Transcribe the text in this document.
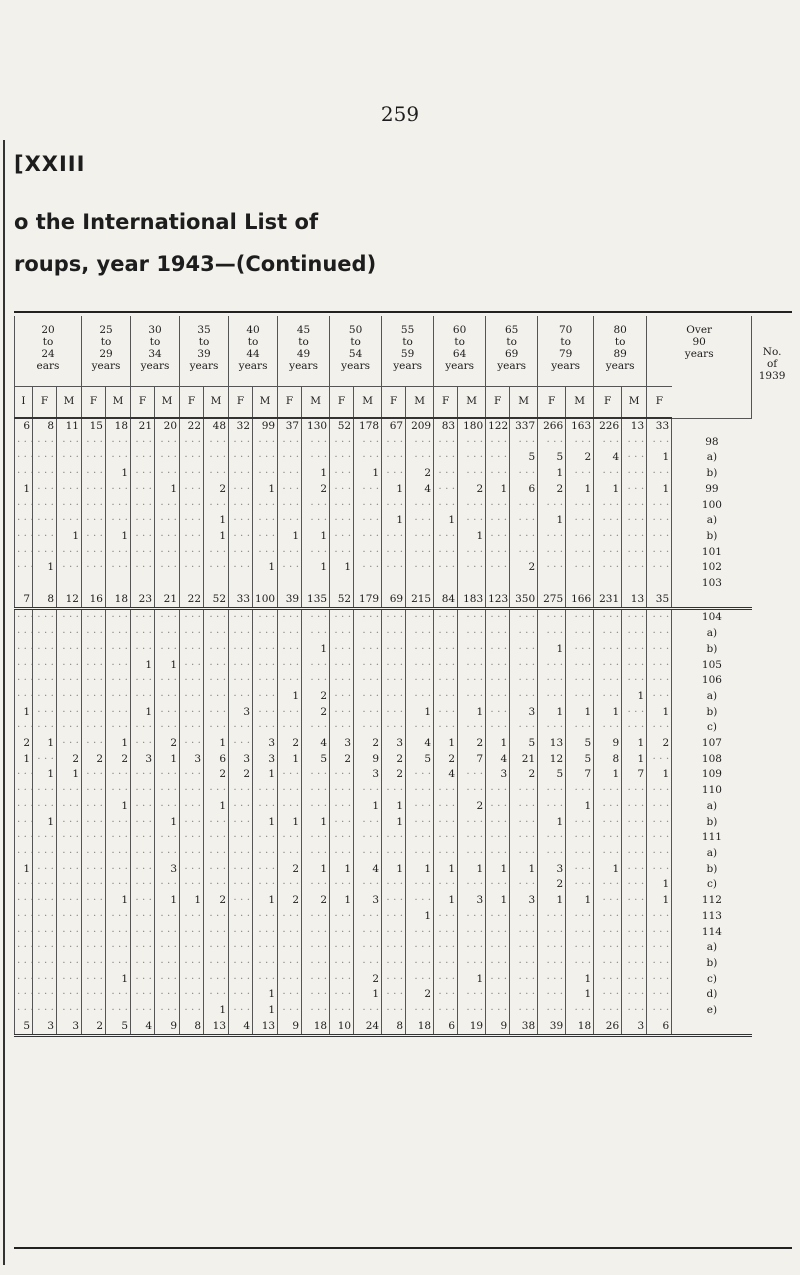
259
[XXIII
o the International List of
roups, year 1943—(Continued)
20
to
24
ears

25
to
29
years

30
to
34
years

35
to
39
years

40
to
44
years

45
to
49
years

50
to
54
years

55
to
59
years

60
to
64
years

65
to
69
years

70
to
79
years

80
to
89
years

Over
90
years	No.
of
1939

I	F	M	F	M	F	M	F	M	F	M	F	M	F	M	F	M	F	M	F	M	F	M	F	M	F
6	8	11	15	18	21	20	22	48	32	99	37	130	52	178	67	209	83	180	122	337	266	163	226	13	33	
· · ·	· · ·	· · ·	· · ·	· · ·	· · ·	· · ·	· · ·	· · ·	· · ·	· · ·	· · ·	· · ·	· · ·	· · ·	· · ·	· · ·	· · ·	· · ·	· · ·	· · ·	· · ·	· · ·	· · ·	· · ·	· · ·	98
· · ·	· · ·	· · ·	· · ·	· · ·	· · ·	· · ·	· · ·	· · ·	· · ·	· · ·	· · ·	· · ·	· · ·	· · ·	· · ·	· · ·	· · ·	· · ·	· · ·	5	5	2	4	· · ·	1	a)
· · ·	· · ·	· · ·	· · ·	1	· · ·	· · ·	· · ·	· · ·	· · ·	· · ·	· · ·	1	· · ·	1	· · ·	2	· · ·	· · ·	· · ·	· · ·	1	· · ·	· · ·	· · ·	· · ·	b)
1	· · ·	· · ·	· · ·	· · ·	· · ·	1	· · ·	2	· · ·	1	· · ·	2	· · ·	· · ·	1	4	· · ·	2	1	6	2	1	1	· · ·	1	99
· · ·	· · ·	· · ·	· · ·	· · ·	· · ·	· · ·	· · ·	· · ·	· · ·	· · ·	· · ·	· · ·	· · ·	· · ·	· · ·	· · ·	· · ·	· · ·	· · ·	· · ·	· · ·	· · ·	· · ·	· · ·	· · ·	100
· · ·	· · ·	· · ·	· · ·	· · ·	· · ·	· · ·	· · ·	1	· · ·	· · ·	· · ·	· · ·	· · ·	· · ·	1	· · ·	1	· · ·	· · ·	· · ·	1	· · ·	· · ·	· · ·	· · ·	a)
· · ·	· · ·	1	· · ·	1	· · ·	· · ·	· · ·	1	· · ·	· · ·	1	1	· · ·	· · ·	· · ·	· · ·	· · ·	1	· · ·	· · ·	· · ·	· · ·	· · ·	· · ·	· · ·	b)
· · ·	· · ·	· · ·	· · ·	· · ·	· · ·	· · ·	· · ·	· · ·	· · ·	· · ·	· · ·	· · ·	· · ·	· · ·	· · ·	· · ·	· · ·	· · ·	· · ·	· · ·	· · ·	· · ·	· · ·	· · ·	· · ·	101
· · ·	1	· · ·	· · ·	· · ·	· · ·	· · ·	· · ·	· · ·	· · ·	1	· · ·	1	1	· · ·	· · ·	· · ·	· · ·	· · ·	· · ·	2	· · ·	· · ·	· · ·	· · ·	· · ·	102
																										103
7	8	12	16	18	23	21	22	52	33	100	39	135	52	179	69	215	84	183	123	350	275	166	231	13	35	

· · ·	· · ·	· · ·	· · ·	· · ·	· · ·	· · ·	· · ·	· · ·	· · ·	· · ·	· · ·	· · ·	· · ·	· · ·	· · ·	· · ·	· · ·	· · ·	· · ·	· · ·	· · ·	· · ·	· · ·	· · ·	· · ·	104
· · ·	· · ·	· · ·	· · ·	· · ·	· · ·	· · ·	· · ·	· · ·	· · ·	· · ·	· · ·	· · ·	· · ·	· · ·	· · ·	· · ·	· · ·	· · ·	· · ·	· · ·	· · ·	· · ·	· · ·	· · ·	· · ·	a)
· · ·	· · ·	· · ·	· · ·	· · ·	· · ·	· · ·	· · ·	· · ·	· · ·	· · ·	· · ·	1	· · ·	· · ·	· · ·	· · ·	· · ·	· · ·	· · ·	· · ·	1	· · ·	· · ·	· · ·	· · ·	b)
· · ·	· · ·	· · ·	· · ·	· · ·	1	1	· · ·	· · ·	· · ·	· · ·	· · ·	· · ·	· · ·	· · ·	· · ·	· · ·	· · ·	· · ·	· · ·	· · ·	· · ·	· · ·	· · ·	· · ·	· · ·	105
· · ·	· · ·	· · ·	· · ·	· · ·	· · ·	· · ·	· · ·	· · ·	· · ·	· · ·	· · ·	· · ·	· · ·	· · ·	· · ·	· · ·	· · ·	· · ·	· · ·	· · ·	· · ·	· · ·	· · ·	· · ·	· · ·	106
· · ·	· · ·	· · ·	· · ·	· · ·	· · ·	· · ·	· · ·	· · ·	· · ·	· · ·	1	2	· · ·	· · ·	· · ·	· · ·	· · ·	· · ·	· · ·	· · ·	· · ·	· · ·	· · ·	1	· · ·	a)
1	· · ·	· · ·	· · ·	· · ·	1	· · ·	· · ·	· · ·	3	· · ·	· · ·	2	· · ·	· · ·	· · ·	1	· · ·	1	· · ·	3	1	1	1	· · ·	1	b)
· · ·	· · ·	· · ·	· · ·	· · ·	· · ·	· · ·	· · ·	· · ·	· · ·	· · ·	· · ·	· · ·	· · ·	· · ·	· · ·	· · ·	· · ·	· · ·	· · ·	· · ·	· · ·	· · ·	· · ·	· · ·	· · ·	c)
2	1	· · ·	· · ·	1	· · ·	2	· · ·	1	· · ·	3	2	4	3	2	3	4	1	2	1	5	13	5	9	1	2	107
1	· · ·	2	2	2	3	1	3	6	3	3	1	5	2	9	2	5	2	7	4	21	12	5	8	1	· · ·	108
· · ·	1	1	· · ·	· · ·	· · ·	· · ·	· · ·	2	2	1	· · ·	· · ·	· · ·	3	2	· · ·	4	· · ·	3	2	5	7	1	7	1	109
· · ·	· · ·	· · ·	· · ·	· · ·	· · ·	· · ·	· · ·	· · ·	· · ·	· · ·	· · ·	· · ·	· · ·	· · ·	· · ·	· · ·	· · ·	· · ·	· · ·	· · ·	· · ·	· · ·	· · ·	· · ·	· · ·	110
· · ·	· · ·	· · ·	· · ·	1	· · ·	· · ·	· · ·	1	· · ·	· · ·	· · ·	· · ·	· · ·	1	1	· · ·	· · ·	2	· · ·	· · ·	· · ·	1	· · ·	· · ·	· · ·	a)
· · ·	1	· · ·	· · ·	· · ·	· · ·	1	· · ·	· · ·	· · ·	1	1	1	· · ·	· · ·	1	· · ·	· · ·	· · ·	· · ·	· · ·	1	· · ·	· · ·	· · ·	· · ·	b)
· · ·	· · ·	· · ·	· · ·	· · ·	· · ·	· · ·	· · ·	· · ·	· · ·	· · ·	· · ·	· · ·	· · ·	· · ·	· · ·	· · ·	· · ·	· · ·	· · ·	· · ·	· · ·	· · ·	· · ·	· · ·	· · ·	111
· · ·	· · ·	· · ·	· · ·	· · ·	· · ·	· · ·	· · ·	· · ·	· · ·	· · ·	· · ·	· · ·	· · ·	· · ·	· · ·	· · ·	· · ·	· · ·	· · ·	· · ·	· · ·	· · ·	· · ·	· · ·	· · ·	a)
1	· · ·	· · ·	· · ·	· · ·	· · ·	3	· · ·	· · ·	· · ·	· · ·	2	1	1	4	1	1	1	1	1	1	3	· · ·	1	· · ·	· · ·	b)
· · ·	· · ·	· · ·	· · ·	· · ·	· · ·	· · ·	· · ·	· · ·	· · ·	· · ·	· · ·	· · ·	· · ·	· · ·	· · ·	· · ·	· · ·	· · ·	· · ·	· · ·	2	· · ·	· · ·	· · ·	1	c)
· · ·	· · ·	· · ·	· · ·	1	· · ·	1	1	2	· · ·	1	2	2	1	3	· · ·	· · ·	1	3	1	3	1	1	· · ·	· · ·	1	112
· · ·	· · ·	· · ·	· · ·	· · ·	· · ·	· · ·	· · ·	· · ·	· · ·	· · ·	· · ·	· · ·	· · ·	· · ·	· · ·	1	· · ·	· · ·	· · ·	· · ·	· · ·	· · ·	· · ·	· · ·	· · ·	113
· · ·	· · ·	· · ·	· · ·	· · ·	· · ·	· · ·	· · ·	· · ·	· · ·	· · ·	· · ·	· · ·	· · ·	· · ·	· · ·	· · ·	· · ·	· · ·	· · ·	· · ·	· · ·	· · ·	· · ·	· · ·	· · ·	114
· · ·	· · ·	· · ·	· · ·	· · ·	· · ·	· · ·	· · ·	· · ·	· · ·	· · ·	· · ·	· · ·	· · ·	· · ·	· · ·	· · ·	· · ·	· · ·	· · ·	· · ·	· · ·	· · ·	· · ·	· · ·	· · ·	a)
· · ·	· · ·	· · ·	· · ·	· · ·	· · ·	· · ·	· · ·	· · ·	· · ·	· · ·	· · ·	· · ·	· · ·	· · ·	· · ·	· · ·	· · ·	· · ·	· · ·	· · ·	· · ·	· · ·	· · ·	· · ·	· · ·	b)
· · ·	· · ·	· · ·	· · ·	1	· · ·	· · ·	· · ·	· · ·	· · ·	· · ·	· · ·	· · ·	· · ·	2	· · ·	· · ·	· · ·	1	· · ·	· · ·	· · ·	1	· · ·	· · ·	· · ·	c)
· · ·	· · ·	· · ·	· · ·	· · ·	· · ·	· · ·	· · ·	· · ·	· · ·	1	· · ·	· · ·	· · ·	1	· · ·	2	· · ·	· · ·	· · ·	· · ·	· · ·	1	· · ·	· · ·	· · ·	d)
· · ·	· · ·	· · ·	· · ·	· · ·	· · ·	· · ·	· · ·	1	· · ·	1	· · ·	· · ·	· · ·	· · ·	· · ·	· · ·	· · ·	· · ·	· · ·	· · ·	· · ·	· · ·	· · ·	· · ·	· · ·	e)
5	3	3	2	5	4	9	8	13	4	13	9	18	10	24	8	18	6	19	9	38	39	18	26	3	6	
